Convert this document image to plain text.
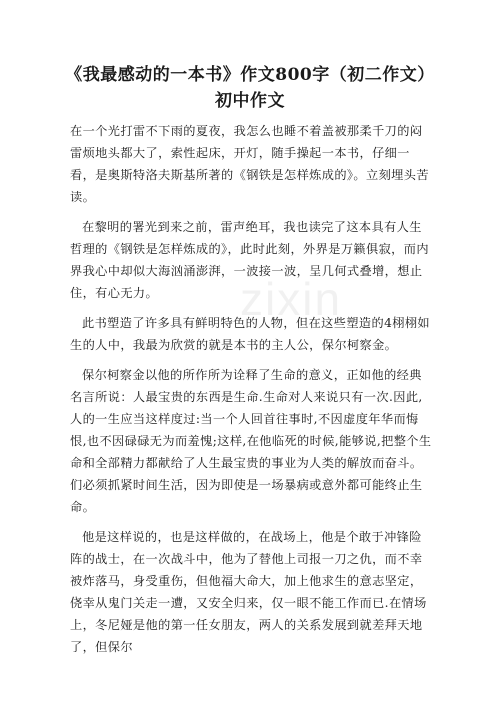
《我最感动的一本书》作文800字（初二作文）初中作文

在一个光打雷不下雨的夏夜，我怎么也睡不着盖被那柔千刀的闷雷烦地头都大了，索性起床，开灯，随手操起一本书，仔细一看，是奥斯特洛夫斯基所著的《钢铁是怎样炼成的》。立刻埋头苦读。

在黎明的署光到来之前，雷声绝耳，我也读完了这本具有人生哲理的《钢铁是怎样炼成的》，此时此刻，外界是万籁俱寂，而内界我心中却似大海汹涌澎湃，一波接一波，呈几何式叠增，想止住，有心无力。

此书塑造了许多具有鲜明特色的人物，但在这些塑造的4栩栩如生的人中，我最为欣赏的就是本书的主人公，保尔柯察金。

保尔柯察金以他的所作所为诠释了生命的意义，正如他的经典名言所说：人最宝贵的东西是生命.生命对人来说只有一次.因此,人的一生应当这样度过:当一个人回首往事时,不因虚度年华而悔恨,也不因碌碌无为而羞愧;这样,在他临死的时候,能够说,把整个生命和全部精力都献给了人生最宝贵的事业为人类的解放而奋斗。们必须抓紧时间生活，因为即使是一场暴病或意外都可能终止生命。

他是这样说的，也是这样做的，在战场上，他是个敢于冲锋险阵的战士，在一次战斗中，他为了替他上司报一刀之仇，而不幸被炸落马，身受重伤，但他福大命大，加上他求生的意志坚定，侥幸从鬼门关走一遭，又安全归来，仅一眼不能工作而已.在情场上，冬尼娅是他的第一任女朋友，两人的关系发展到就差拜天地了，但保尔

zixin
